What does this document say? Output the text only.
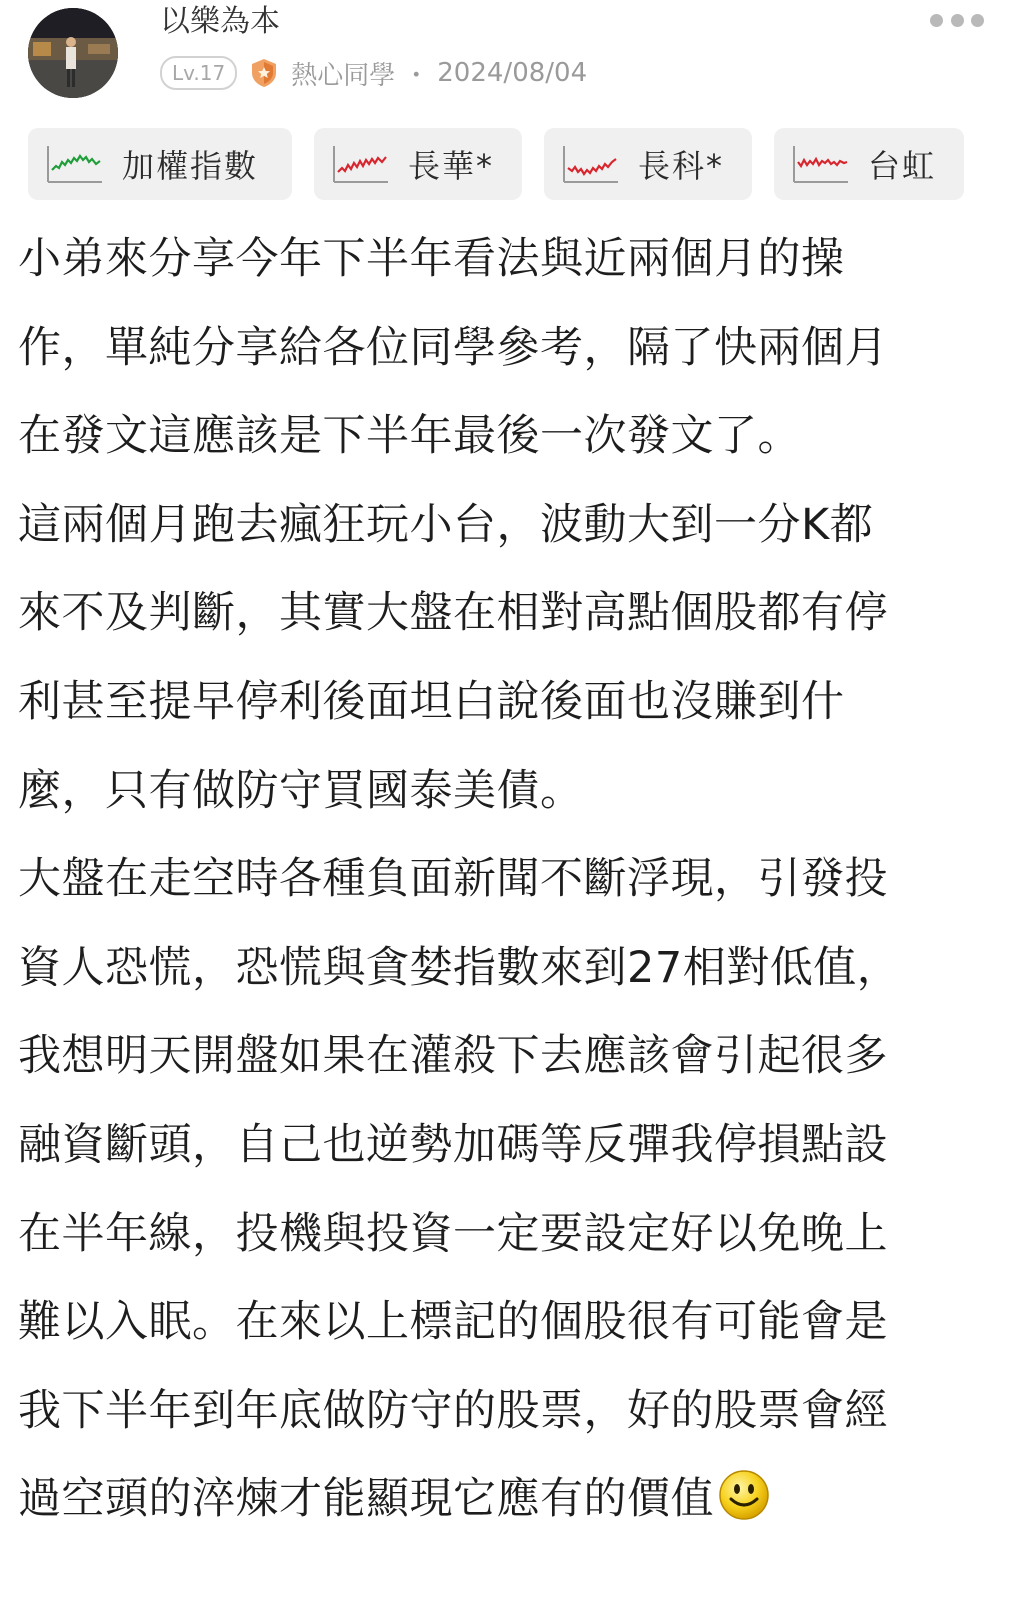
以樂為本
Lv.17	熱心同學 ・ 2024/08/04
加權指數	長華*	長科*	台虹
小弟來分享今年下半年看法與近兩個月的操
作，單純分享給各位同學參考，隔了快兩個月
在發文這應該是下半年最後一次發文了。
這兩個月跑去瘋狂玩小台，波動大到一分K都
來不及判斷，其實大盤在相對高點個股都有停
利甚至提早停利後面坦白說後面也沒賺到什
麼，只有做防守買國泰美債。
大盤在走空時各種負面新聞不斷浮現，引發投
資人恐慌，恐慌與貪婪指數來到27相對低值，
我想明天開盤如果在灌殺下去應該會引起很多
融資斷頭，自己也逆勢加碼等反彈我停損點設
在半年線，投機與投資一定要設定好以免晚上
難以入眠。在來以上標記的個股很有可能會是
我下半年到年底做防守的股票，好的股票會經
過空頭的淬煉才能顯現它應有的價值
